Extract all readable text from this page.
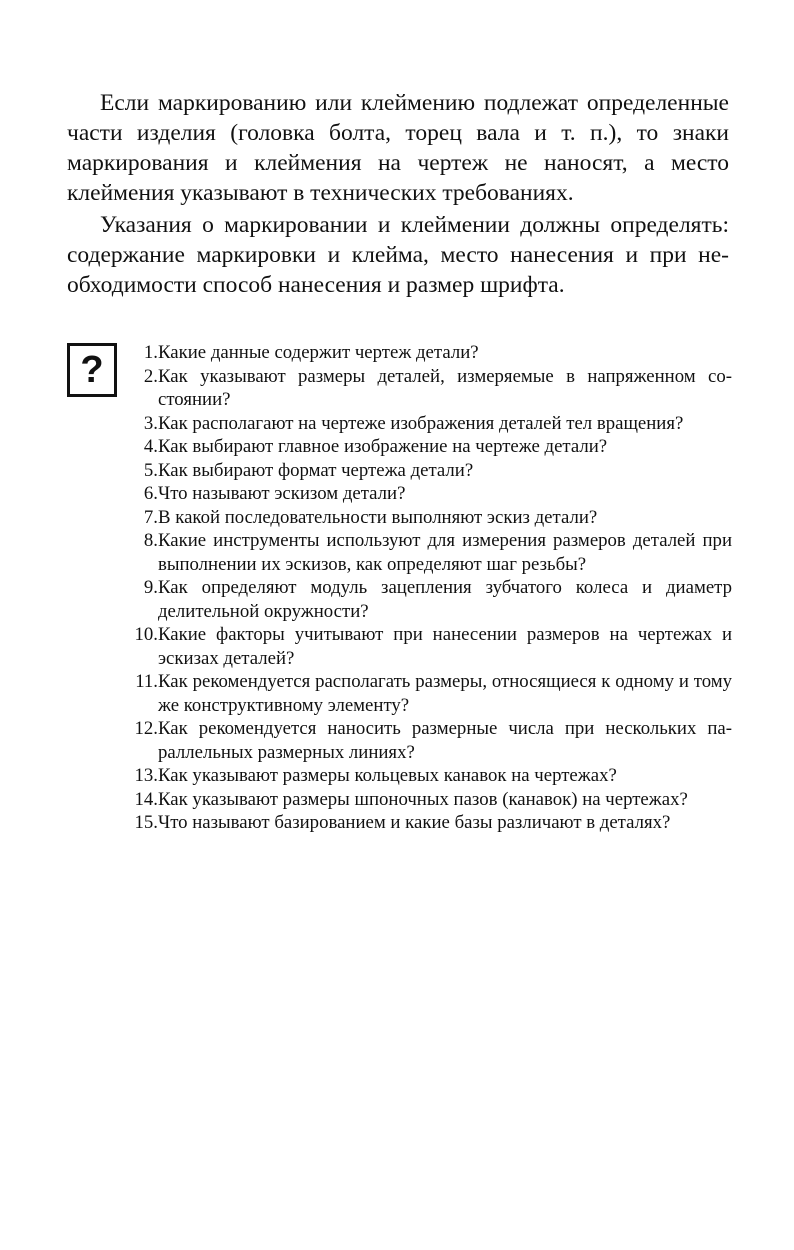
Если маркированию или клеймению подлежат определенные части изделия (головка болта, торец вала и т. п.), то знаки маркирования и клеймения на чертеж не наносят, а место клеймения указывают в технических требованиях.

Указания о маркировании и клеймении должны определять: содержание маркировки и клейма, место нанесения и при необходимости способ нанесения и размер шрифта.

?	1. Какие данные содержит чертеж детали?
2. Как указывают размеры деталей, измеряемые в напряженном состоянии?
3. Как располагают на чертеже изображения деталей тел вращения?
4. Как выбирают главное изображение на чертеже детали?
5. Как выбирают формат чертежа детали?
6. Что называют эскизом детали?
7. В какой последовательности выполняют эскиз детали?
8. Какие инструменты используют для измерения размеров деталей при выполнении их эскизов, как определяют шаг резьбы?
9. Как определяют модуль зацепления зубчатого колеса и диаметр делительной окружности?
10. Какие факторы учитывают при нанесении размеров на чертежах и эскизах деталей?
11. Как рекомендуется располагать размеры, относящиеся к одному и тому же конструктивному элементу?
12. Как рекомендуется наносить размерные числа при нескольких параллельных размерных линиях?
13. Как указывают размеры кольцевых канавок на чертежах?
14. Как указывают размеры шпоночных пазов (канавок) на чертежах?
15. Что называют базированием и какие базы различают в деталях?
